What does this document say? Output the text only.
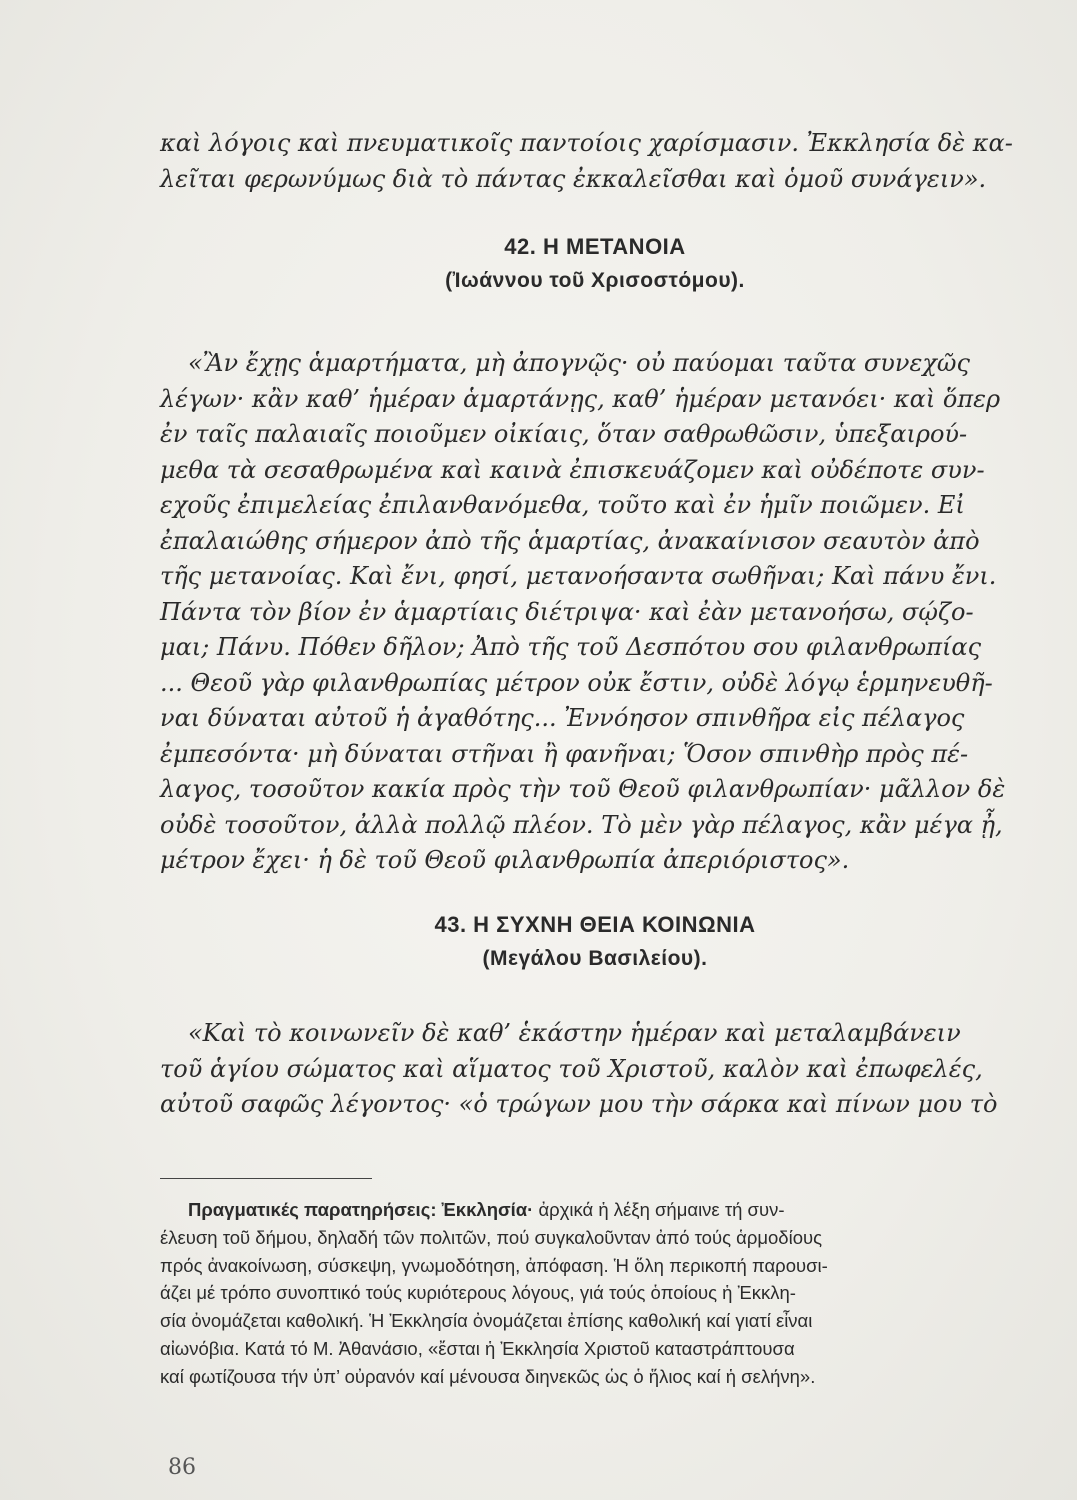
καὶ λόγοις καὶ πνευματικοῖς παντοίοις χαρίσμασιν. Ἐκκλησία δὲ κα-
λεῖται φερωνύμως διὰ τὸ πάντας ἐκκαλεῖσθαι καὶ ὁμοῦ συνάγειν».

42. Η ΜΕΤΑΝΟΙΑ
(Ἰωάννου τοῦ Χρισοστόμου).

«Ἂν ἔχῃς ἁμαρτήματα, μὴ ἀπογνῷς· οὐ παύομαι ταῦτα συνεχῶς
λέγων· κἂν καθ’ ἡμέραν ἁμαρτάνῃς, καθ’ ἡμέραν μετανόει· καὶ ὅπερ
ἐν ταῖς παλαιαῖς ποιοῦμεν οἰκίαις, ὅταν σαθρωθῶσιν, ὑπεξαιρού-
μεθα τὰ σεσαθρωμένα καὶ καινὰ ἐπισκευάζομεν καὶ οὐδέποτε συν-
εχοῦς ἐπιμελείας ἐπιλανθανόμεθα, τοῦτο καὶ ἐν ἡμῖν ποιῶμεν. Εἰ
ἐπαλαιώθης σήμερον ἀπὸ τῆς ἁμαρτίας, ἀνακαίνισον σεαυτὸν ἀπὸ
τῆς μετανοίας. Καὶ ἔνι, φησί, μετανοήσαντα σωθῆναι; Καὶ πάνυ ἔνι.
Πάντα τὸν βίον ἐν ἁμαρτίαις διέτριψα· καὶ ἐὰν μετανοήσω, σῴζο-
μαι; Πάνυ. Πόθεν δῆλον; Ἀπὸ τῆς τοῦ Δεσπότου σου φιλανθρωπίας
... Θεοῦ γὰρ φιλανθρωπίας μέτρον οὐκ ἔστιν, οὐδὲ λόγῳ ἑρμηνευθῆ-
ναι δύναται αὐτοῦ ἡ ἀγαθότης... Ἐννόησον σπινθῆρα εἰς πέλαγος
ἐμπεσόντα· μὴ δύναται στῆναι ἢ φανῆναι; Ὅσον σπινθὴρ πρὸς πέ-
λαγος, τοσοῦτον κακία πρὸς τὴν τοῦ Θεοῦ φιλανθρωπίαν· μᾶλλον δὲ
οὐδὲ τοσοῦτον, ἀλλὰ πολλῷ πλέον. Τὸ μὲν γὰρ πέλαγος, κἂν μέγα ᾖ,
μέτρον ἔχει· ἡ δὲ τοῦ Θεοῦ φιλανθρωπία ἀπεριόριστος».

43. Η ΣΥΧΝΗ ΘΕΙΑ ΚΟΙΝΩΝΙΑ
(Μεγάλου Βασιλείου).

«Καὶ τὸ κοινωνεῖν δὲ καθ’ ἑκάστην ἡμέραν καὶ μεταλαμβάνειν
τοῦ ἁγίου σώματος καὶ αἵματος τοῦ Χριστοῦ, καλὸν καὶ ἐπωφελές,
αὐτοῦ σαφῶς λέγοντος· «ὁ τρώγων μου τὴν σάρκα καὶ πίνων μου τὸ

Πραγματικές παρατηρήσεις: Ἐκκλησία· ἀρχικά ἡ λέξη σήμαινε τή συν-
έλευση τοῦ δήμου, δηλαδή τῶν πολιτῶν, πού συγκαλοῦνταν ἀπό τούς ἁρμοδίους
πρός ἀνακοίνωση, σύσκεψη, γνωμοδότηση, ἀπόφαση. Ἡ ὅλη περικοπή παρουσι-
άζει μέ τρόπο συνοπτικό τούς κυριότερους λόγους, γιά τούς ὁποίους ἡ Ἐκκλη-
σία ὀνομάζεται καθολική. Ἡ Ἐκκλησία ὀνομάζεται ἐπίσης καθολική καί γιατί εἶναι
αἰωνόβια. Κατά τό Μ. Ἀθανάσιο, «ἔσται ἡ Ἐκκλησία Χριστοῦ καταστράπτουσα
καί φωτίζουσα τήν ὑπ’ οὐρανόν καί μένουσα διηνεκῶς ὡς ὁ ἥλιος καί ἡ σελήνη».

86
